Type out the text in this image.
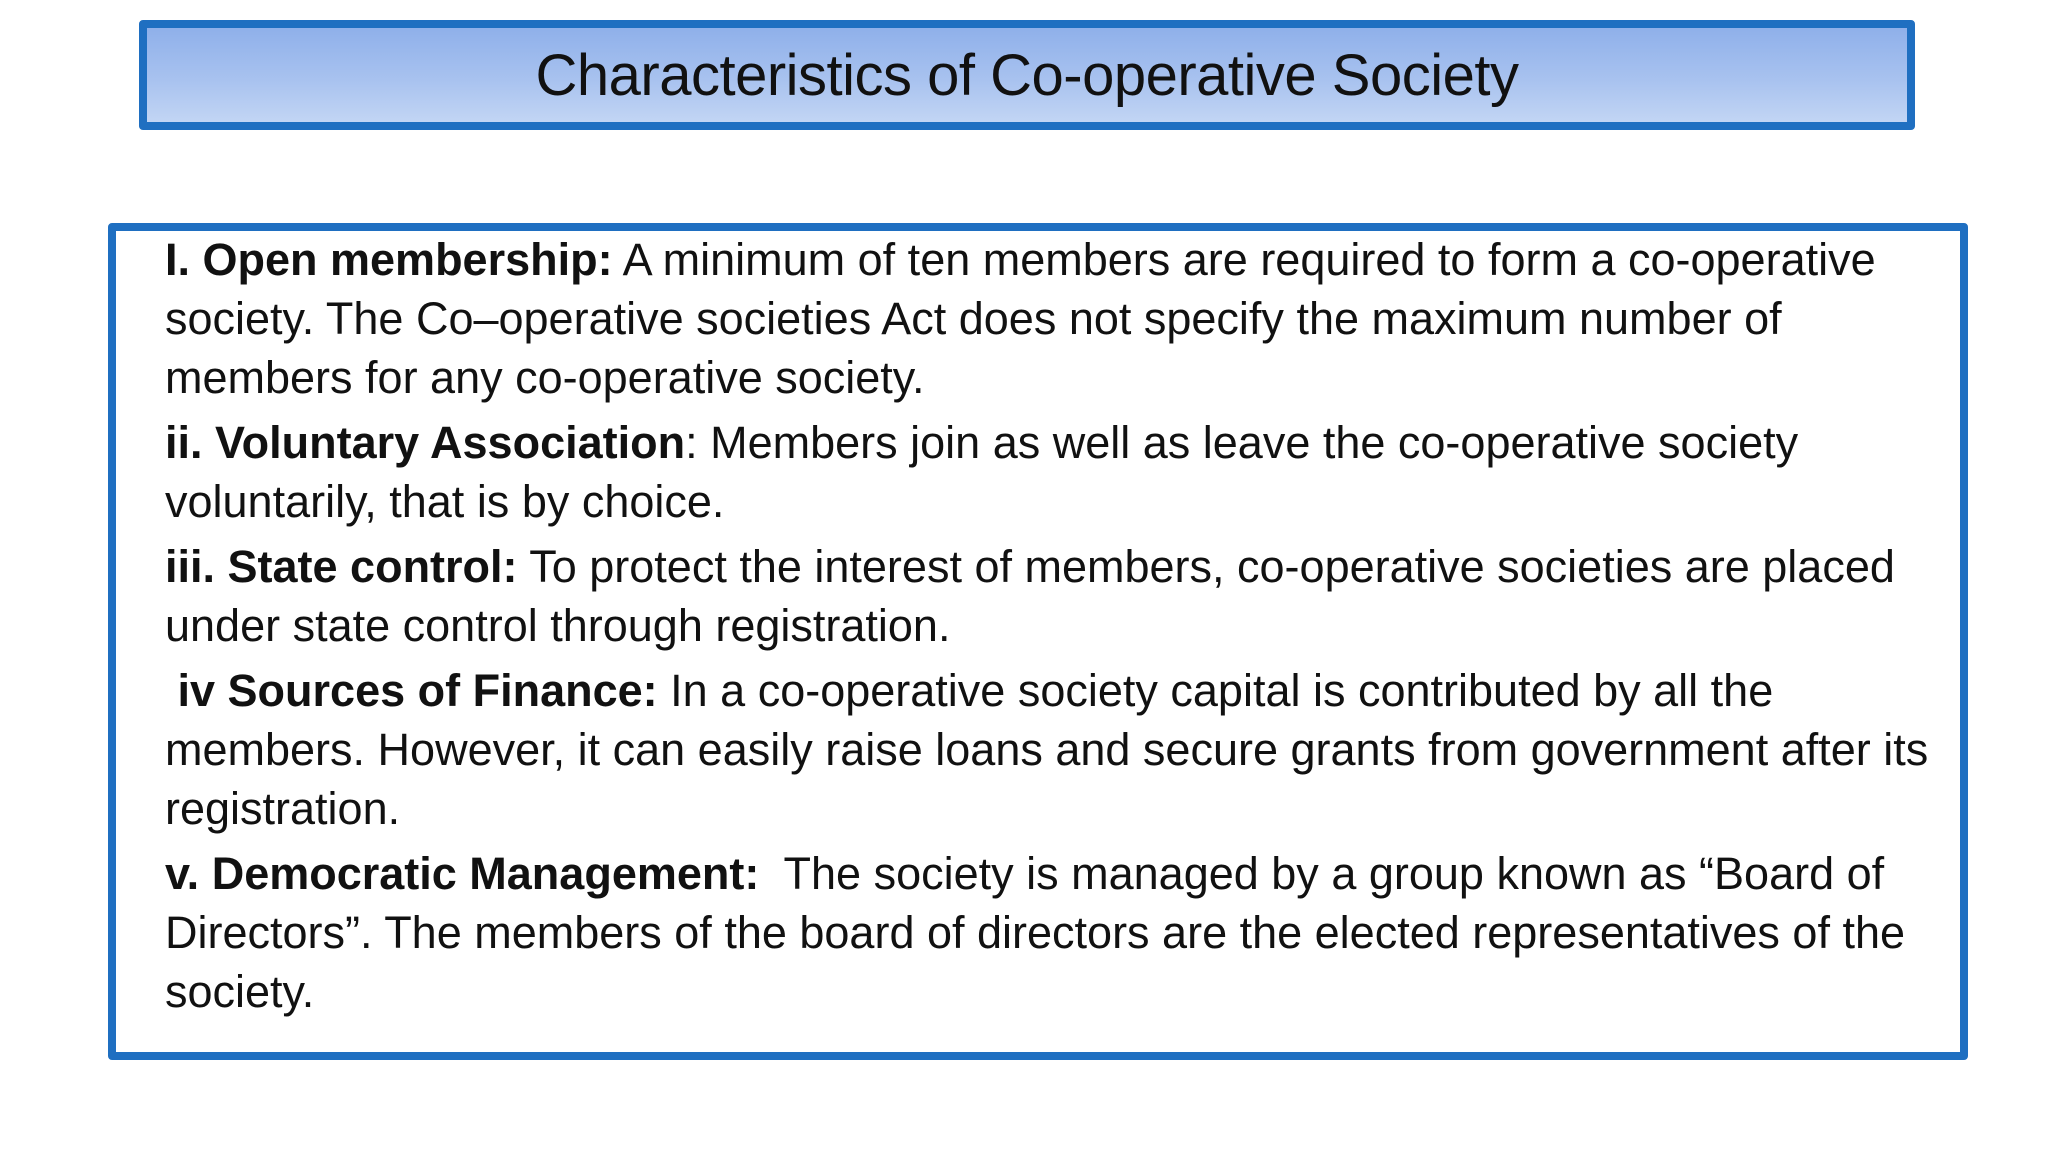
Characteristics of Co-operative Society
I. Open membership: A minimum of ten members are required to form a co-operative society. The Co–operative societies Act does not specify the maximum number of members for any co-operative society.
ii. Voluntary Association: Members join as well as leave the co-operative society voluntarily, that is by choice.
iii. State control: To protect the interest of members, co-operative societies are placed under state control through registration.
iv Sources of Finance: In a co-operative society capital is contributed by all the members. However, it can easily raise loans and secure grants from government after its registration.
v. Democratic Management:  The society is managed by a group known as “Board of  Directors”. The members of the board of directors are the elected representatives of the society.
